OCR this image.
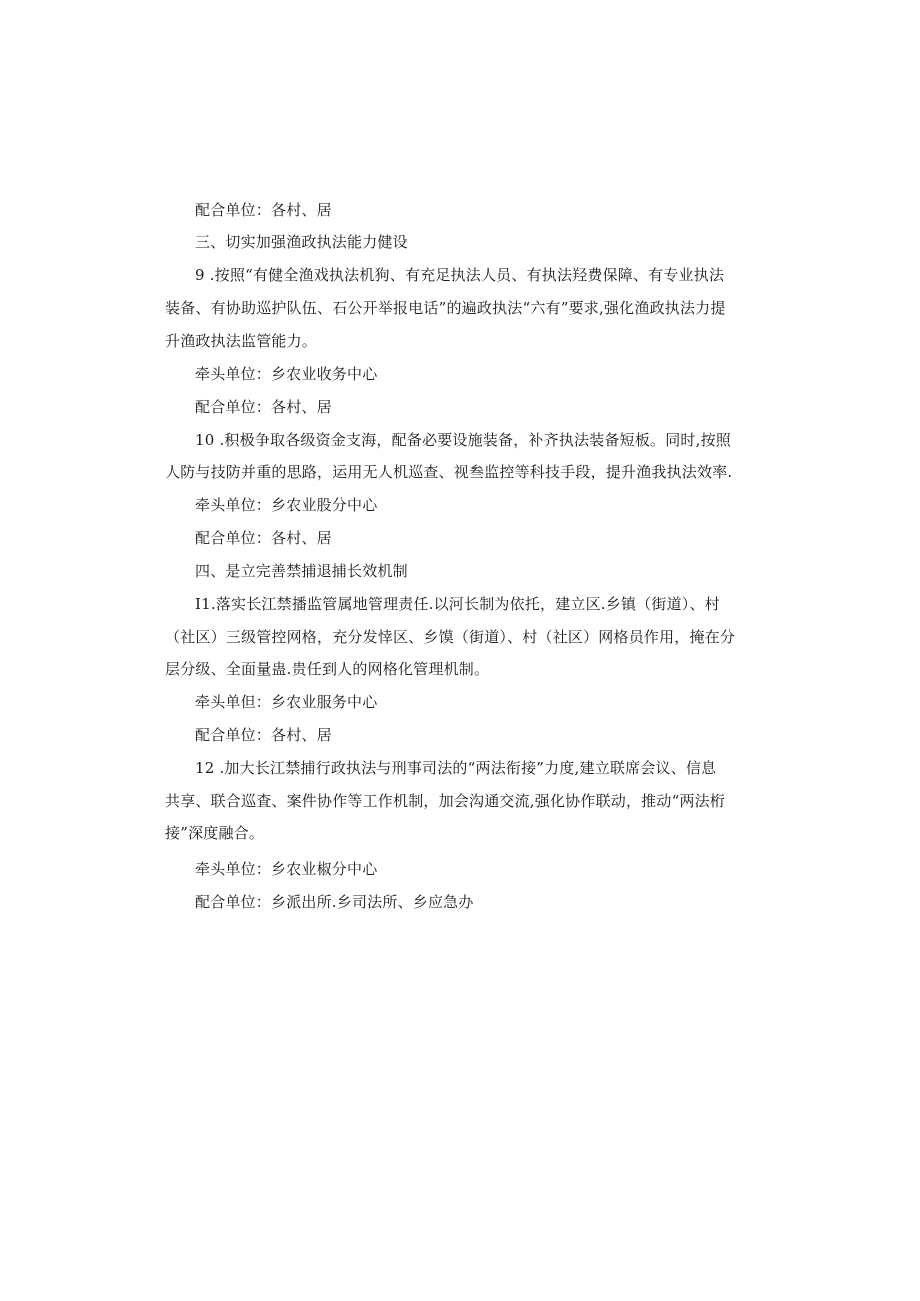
配合单位：各村、居
三、切实加强渔政执法能力健设
9 .按照“有健全渔戏执法机狗、有充足执法人员、有执法羟费保障、有专业执法
装备、有协助巡护队伍、石公开举报电话”的遍政执法“六有”要求,强化渔政执法力提
升渔政执法监管能力。
牵头单位：乡农业收务中心
配合单位：各村、居
10 .积极争取各级资金支海，配备必要设施装备，补齐执法装备短板。同时,按照
人防与技防并重的思路，运用无人机巡查、视叁监控等科技手段，提升渔我执法效率.
牵头单位：乡农业股分中心
配合单位：各村、居
四、是立完善禁捕退捕长效机制
I1.落实长江禁播监管属地管理责任.以河长制为依托，建立区.乡镇（街道）、村
（社区）三级管控网格，充分发悻区、乡馍（街道）、村（社区）网格员作用，掩在分
层分级、全面量蛊.贵任到人的网格化管理机制。
牵头单但：乡农业服务中心
配合单位：各村、居
12 .加大长江禁捕行政执法与刑事司法的“两法衔接”力度,建立联席会议、信息
共享、联合巡査、案件协作等工作机制，加会沟通交流,强化协作联动，推动“两法桁
接”深度融合。
牵头单位：乡农业椒分中心
配合单位：乡派出所.乡司法所、乡应急办
